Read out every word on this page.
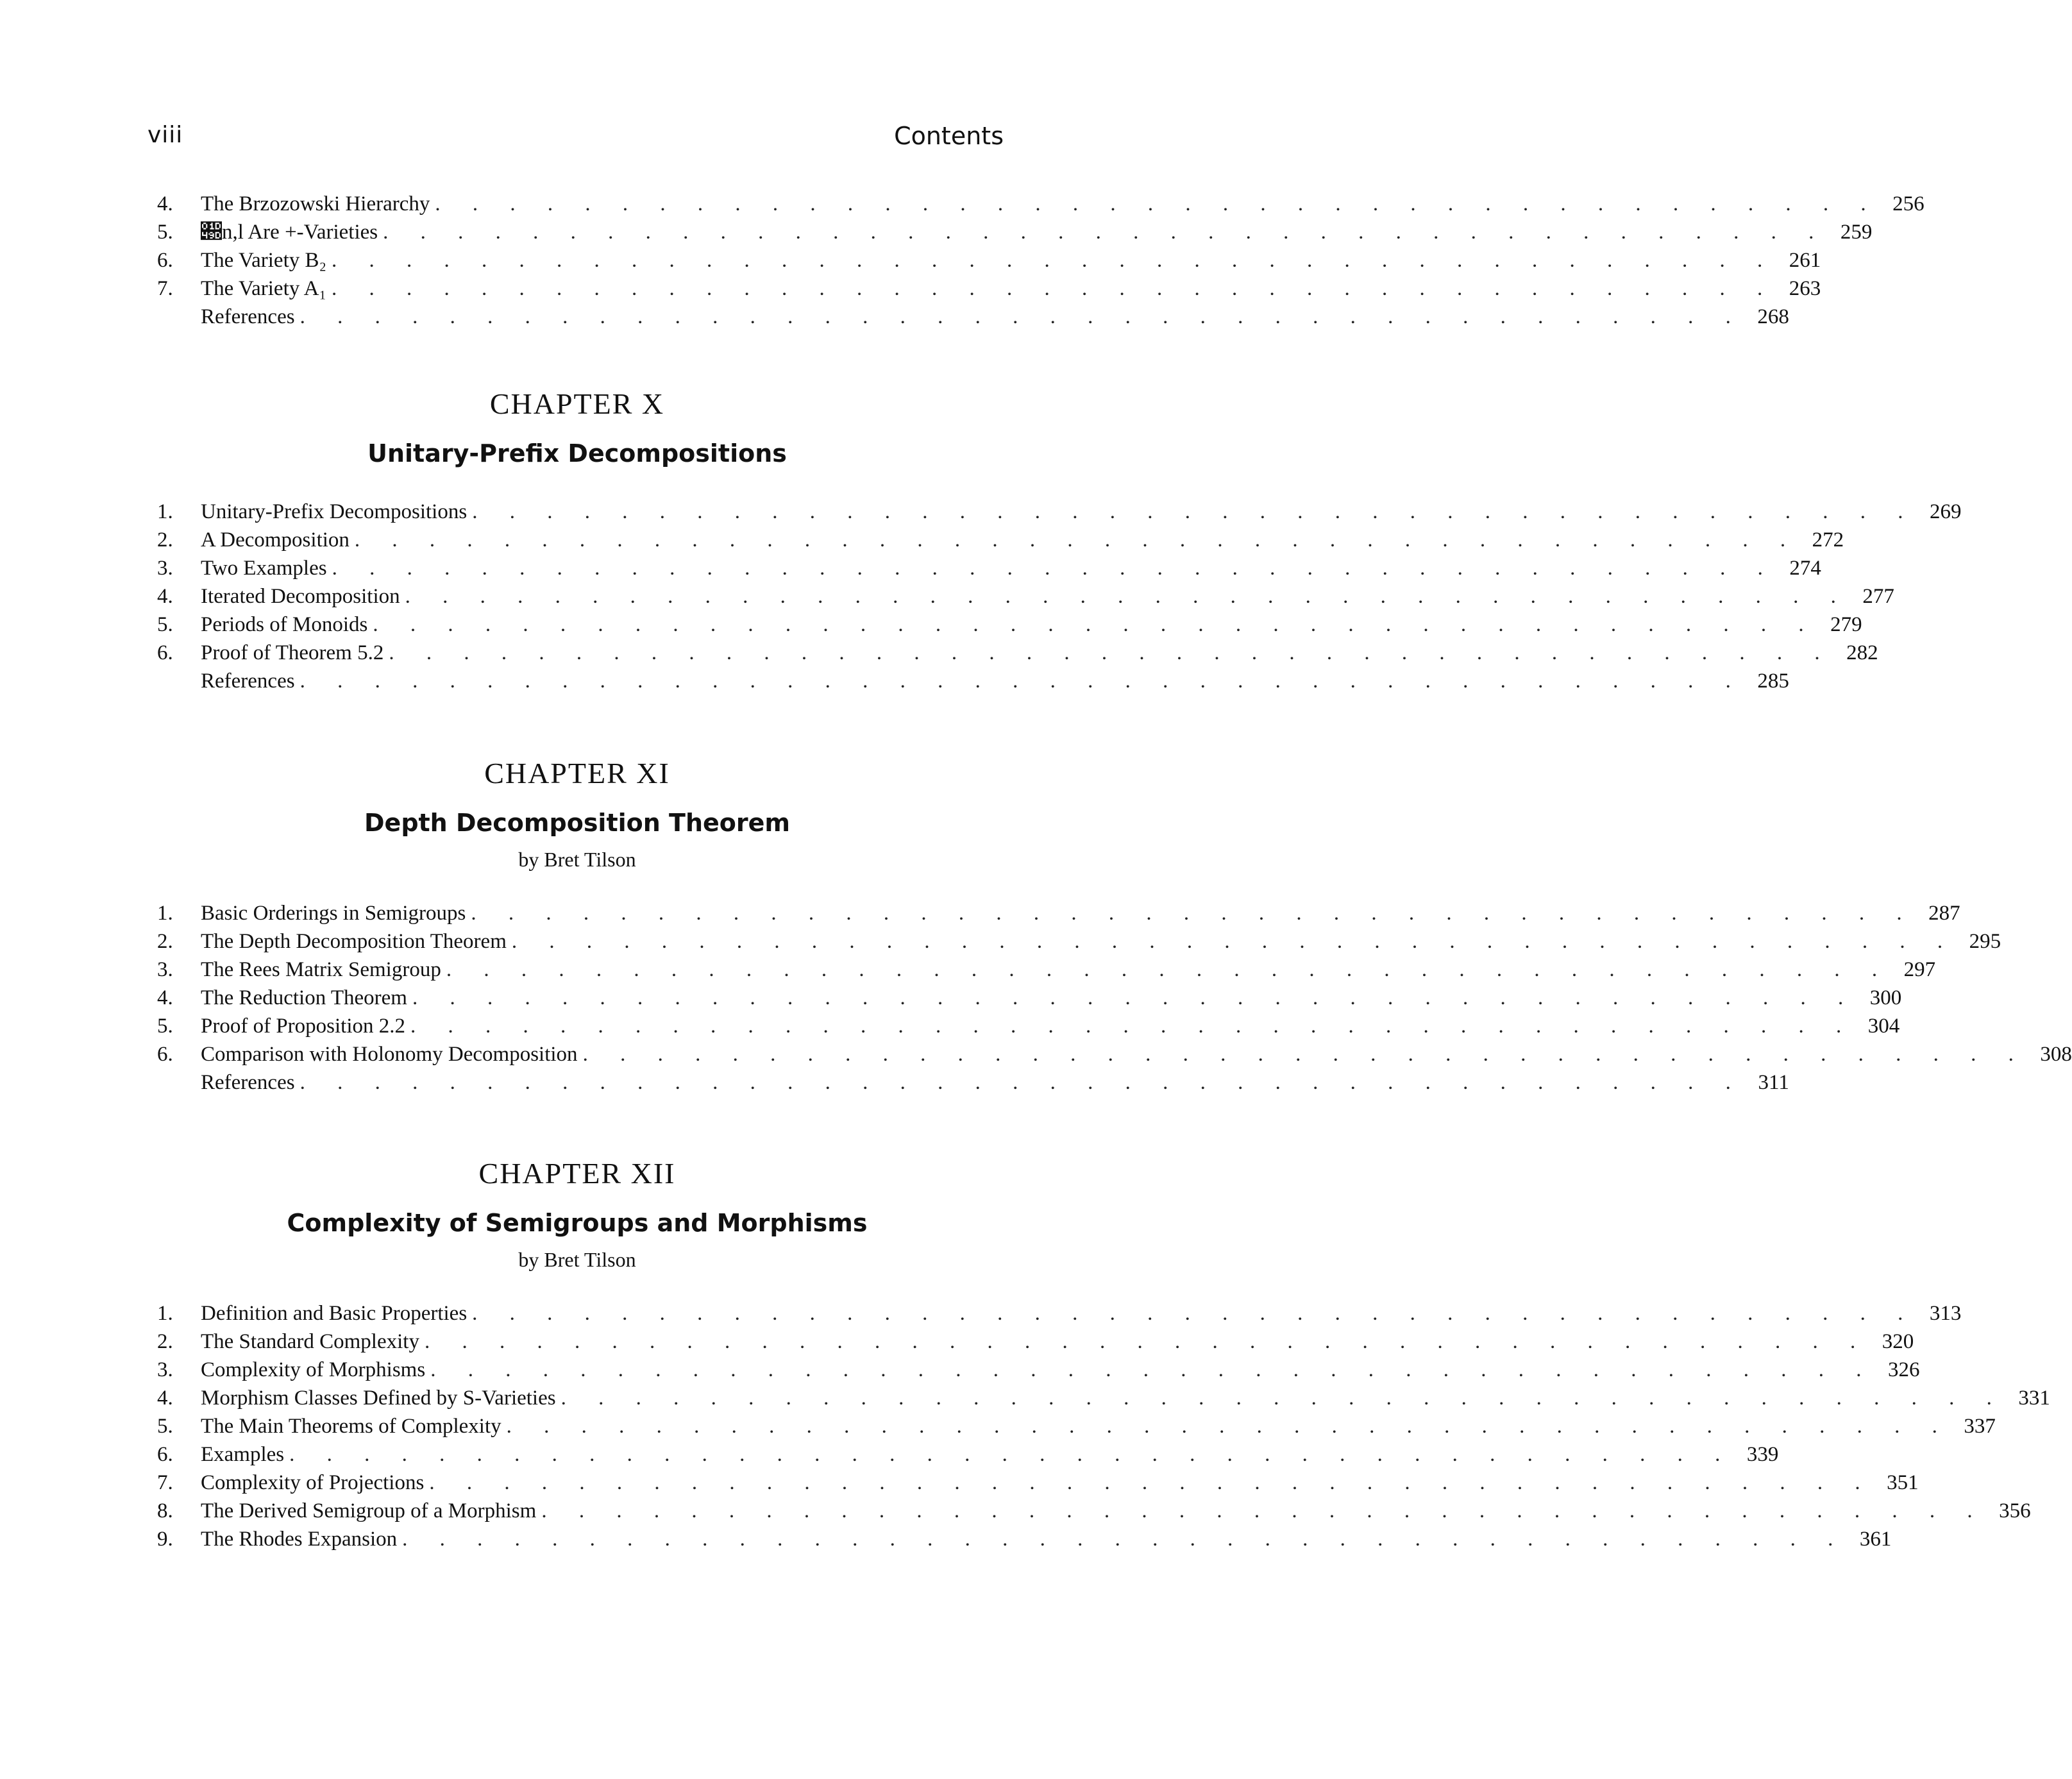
viii	Contents
4.	The Brzozowski Hierarchy . . . . . . . . . . . . . . . . . . . . . . . . . . . . . . . . . . . . . . . 256
5.	𝒝n,l Are +-Varieties . . . . . . . . . . . . . . . . . . . . . . . . . . . . . . . . . . . . . . . 259
6.	The Variety B₂ . . . . . . . . . . . . . . . . . . . . . . . . . . . . . . . . . . . . . . . 261
7.	The Variety A₁ . . . . . . . . . . . . . . . . . . . . . . . . . . . . . . . . . . . . . . . 263
References . . . . . . . . . . . . . . . . . . . . . . . . . . . . . . . . . . . . . . . 268
CHAPTER X
Unitary-Prefix Decompositions
1.	Unitary-Prefix Decompositions . . . . . . . . . . . . . . . . . . . . . . . . . . . . . . . . . . . . . . . 269
2.	A Decomposition . . . . . . . . . . . . . . . . . . . . . . . . . . . . . . . . . . . . . . . 272
3.	Two Examples . . . . . . . . . . . . . . . . . . . . . . . . . . . . . . . . . . . . . . . 274
4.	Iterated Decomposition . . . . . . . . . . . . . . . . . . . . . . . . . . . . . . . . . . . . . . . 277
5.	Periods of Monoids . . . . . . . . . . . . . . . . . . . . . . . . . . . . . . . . . . . . . . . 279
6.	Proof of Theorem 5.2 . . . . . . . . . . . . . . . . . . . . . . . . . . . . . . . . . . . . . . . 282
References . . . . . . . . . . . . . . . . . . . . . . . . . . . . . . . . . . . . . . . 285
CHAPTER XI
Depth Decomposition Theorem
by Bret Tilson
1.	Basic Orderings in Semigroups . . . . . . . . . . . . . . . . . . . . . . . . . . . . . . . . . . . . . . . 287
2.	The Depth Decomposition Theorem . . . . . . . . . . . . . . . . . . . . . . . . . . . . . . . . . . . . . . . 295
3.	The Rees Matrix Semigroup . . . . . . . . . . . . . . . . . . . . . . . . . . . . . . . . . . . . . . . 297
4.	The Reduction Theorem . . . . . . . . . . . . . . . . . . . . . . . . . . . . . . . . . . . . . . . 300
5.	Proof of Proposition 2.2 . . . . . . . . . . . . . . . . . . . . . . . . . . . . . . . . . . . . . . . 304
6.	Comparison with Holonomy Decomposition . . . . . . . . . . . . . . . . . . . . . . . . . . . . . . . . . . . . . . . 308
References . . . . . . . . . . . . . . . . . . . . . . . . . . . . . . . . . . . . . . . 311
CHAPTER XII
Complexity of Semigroups and Morphisms
by Bret Tilson
1.	Definition and Basic Properties . . . . . . . . . . . . . . . . . . . . . . . . . . . . . . . . . . . . . . . 313
2.	The Standard Complexity . . . . . . . . . . . . . . . . . . . . . . . . . . . . . . . . . . . . . . . 320
3.	Complexity of Morphisms . . . . . . . . . . . . . . . . . . . . . . . . . . . . . . . . . . . . . . . 326
4.	Morphism Classes Defined by S-Varieties . . . . . . . . . . . . . . . . . . . . . . . . . . . . . . . . . . . . . . . 331
5.	The Main Theorems of Complexity . . . . . . . . . . . . . . . . . . . . . . . . . . . . . . . . . . . . . . . 337
6.	Examples . . . . . . . . . . . . . . . . . . . . . . . . . . . . . . . . . . . . . . . 339
7.	Complexity of Projections . . . . . . . . . . . . . . . . . . . . . . . . . . . . . . . . . . . . . . . 351
8.	The Derived Semigroup of a Morphism . . . . . . . . . . . . . . . . . . . . . . . . . . . . . . . . . . . . . . . 356
9.	The Rhodes Expansion . . . . . . . . . . . . . . . . . . . . . . . . . . . . . . . . . . . . . . . 361
